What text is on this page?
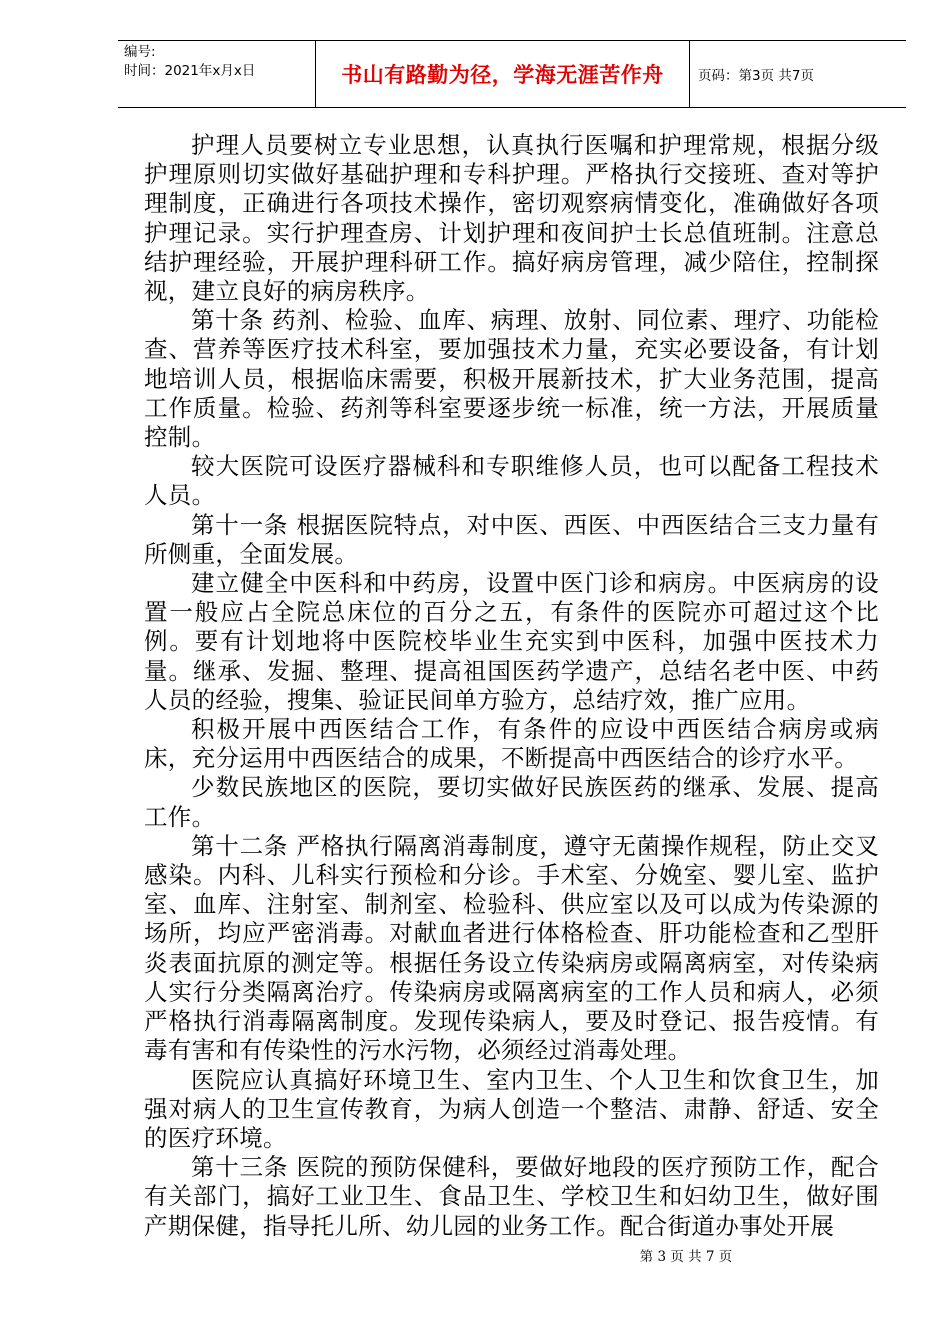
编号:
时间：2021年x月x日	书山有路勤为径，学海无涯苦作舟	页码：第3页 共7页

护理人员要树立专业思想，认真执行医嘱和护理常规，根据分级护理原则切实做好基础护理和专科护理。严格执行交接班、查对等护理制度，正确进行各项技术操作，密切观察病情变化，准确做好各项护理记录。实行护理查房、计划护理和夜间护士长总值班制。注意总结护理经验，开展护理科研工作。搞好病房管理，减少陪住，控制探视，建立良好的病房秩序。

第十条 药剂、检验、血库、病理、放射、同位素、理疗、功能检查、营养等医疗技术科室，要加强技术力量，充实必要设备，有计划地培训人员，根据临床需要，积极开展新技术，扩大业务范围，提高工作质量。检验、药剂等科室要逐步统一标准，统一方法，开展质量控制。

较大医院可设医疗器械科和专职维修人员，也可以配备工程技术人员。

第十一条 根据医院特点，对中医、西医、中西医结合三支力量有所侧重，全面发展。

建立健全中医科和中药房，设置中医门诊和病房。中医病房的设置一般应占全院总床位的百分之五，有条件的医院亦可超过这个比例。要有计划地将中医院校毕业生充实到中医科，加强中医技术力量。继承、发掘、整理、提高祖国医药学遗产，总结名老中医、中药人员的经验，搜集、验证民间单方验方，总结疗效，推广应用。

积极开展中西医结合工作，有条件的应设中西医结合病房或病床，充分运用中西医结合的成果，不断提高中西医结合的诊疗水平。

少数民族地区的医院，要切实做好民族医药的继承、发展、提高工作。

第十二条 严格执行隔离消毒制度，遵守无菌操作规程，防止交叉感染。内科、儿科实行预检和分诊。手术室、分娩室、婴儿室、监护室、血库、注射室、制剂室、检验科、供应室以及可以成为传染源的场所，均应严密消毒。对献血者进行体格检查、肝功能检查和乙型肝炎表面抗原的测定等。根据任务设立传染病房或隔离病室，对传染病人实行分类隔离治疗。传染病房或隔离病室的工作人员和病人，必须严格执行消毒隔离制度。发现传染病人，要及时登记、报告疫情。有毒有害和有传染性的污水污物，必须经过消毒处理。

医院应认真搞好环境卫生、室内卫生、个人卫生和饮食卫生，加强对病人的卫生宣传教育，为病人创造一个整洁、肃静、舒适、安全的医疗环境。

第十三条 医院的预防保健科，要做好地段的医疗预防工作，配合有关部门，搞好工业卫生、食品卫生、学校卫生和妇幼卫生，做好围产期保健，指导托儿所、幼儿园的业务工作。配合街道办事处开展

第 3 页 共 7 页
